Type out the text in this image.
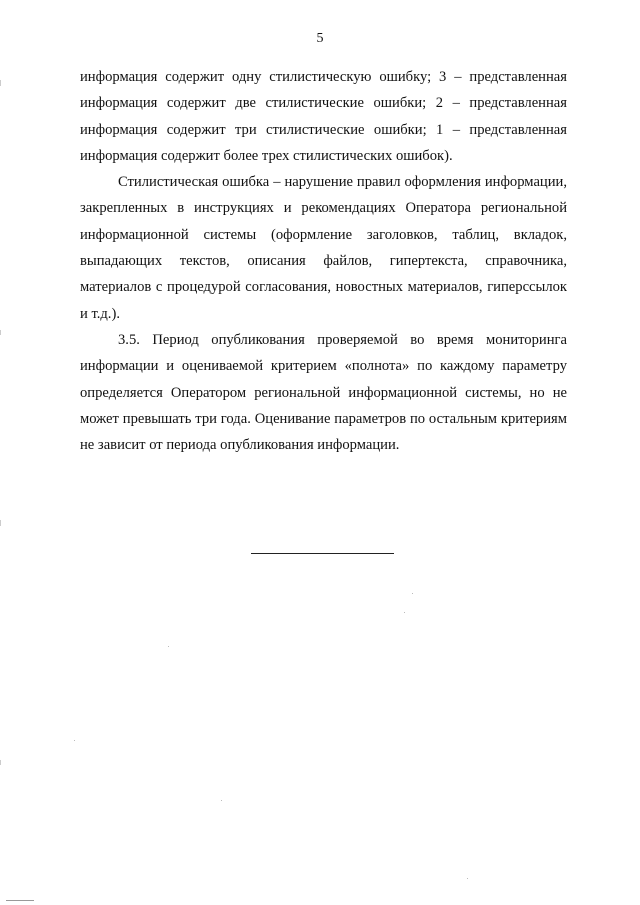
5

информация содержит одну стилистическую ошибку; 3 – представленная информация содержит две стилистические ошибки; 2 – представленная информация содержит три стилистические ошибки; 1 – представленная информация содержит более трех стилистических ошибок).

Стилистическая ошибка – нарушение правил оформления информации, закрепленных в инструкциях и рекомендациях Оператора региональной информационной системы (оформление заголовков, таблиц, вкладок, выпадающих текстов, описания файлов, гипертекста, справочника, материалов с процедурой согласования, новостных материалов, гиперссылок и т.д.).

3.5. Период опубликования проверяемой во время мониторинга информации и оцениваемой критерием «полнота» по каждому параметру определяется Оператором региональной информационной системы, но не может превышать три года. Оценивание параметров по остальным критериям не зависит от периода опубликования информации.
